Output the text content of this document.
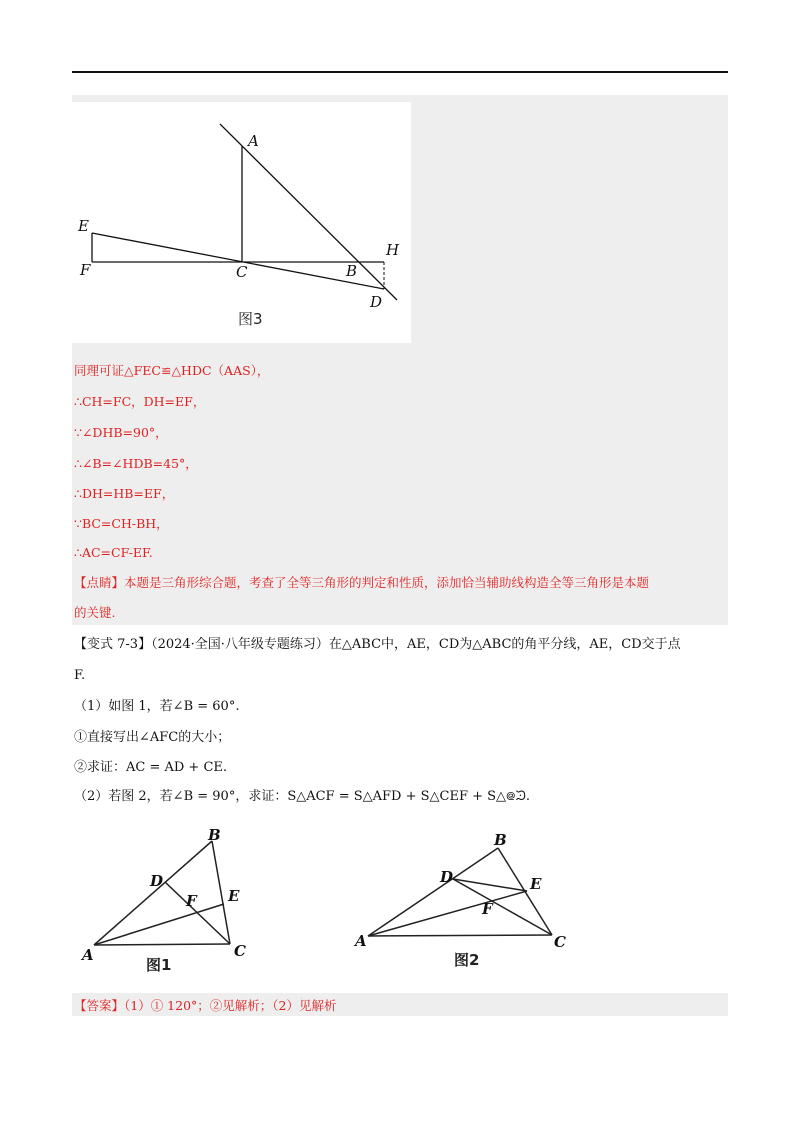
A
E
F	C	B
H
D
图3
同理可证△FEC≌△HDC（AAS），
∴CH=FC，DH=EF，
∵∠DHB=90°，
∴∠B=∠HDB=45°，
∴DH=HB=EF，
∵BC=CH-BH，
∴AC=CF-EF.
【点睛】本题是三角形综合题，考查了全等三角形的判定和性质，添加恰当辅助线构造全等三角形是本题
的关键.
【变式 7-3】（2024·全国·八年级专题练习）在△ABC中，AE，CD为△ABC的角平分线，AE，CD交于点
F.
（1）如图 1，若∠B = 60°.
①直接写出∠AFC的大小；
②求证：AC = AD + CE.
（2）若图 2，若∠B = 90°，求证：S△ACF = S△AFD + S△CEF + S△᪤ᙄ.
B
D
E
F
A	C
图1
B
D	E
F
A	C
图2
【答案】（1）① 120°；②见解析；（2）见解析
